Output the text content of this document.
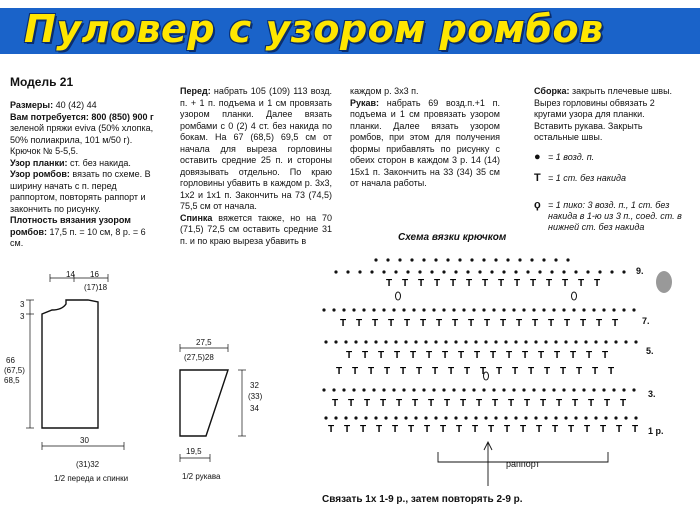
Пуловер с узором ромбов
Модель 21

Размеры: 40 (42) 44

Вам потребуется: 800 (850) 900 г зеленой пряжи eviva (50% хлопка, 50% полиакрила, 101 м/50 г).

Крючок № 5-5,5.

Узор планки: ст. без накида.

Узор ромбов: вязать по схеме. В ширину начать с п. перед раппортом, повторять раппорт и закончить по рисунку.

Плотность вязания узором ромбов: 17,5 п. = 10 см, 8 р. = 6 см.

Перед: набрать 105 (109) 113 возд. п. + 1 п. подъема и 1 см провязать узором планки. Далее вязать ромбами с 0 (2) 4 ст. без накида по бокам. На 67 (68,5) 69,5 см от начала для выреза горловины оставить средние 25 п. и стороны довязывать отдельно. По краю горловины убавить в каждом р. 3х3, 1х2 и 1х1 п. Закончить на 73 (74,5) 75,5 см от начала.

Спинка вяжется также, но на 70 (71,5) 72,5 см оставить средние 31 п. и по краю выреза убавить в

каждом р. 3х3 п.

Рукав: набрать 69 возд.п.+1 п. подъема и 1 см провязать узором планки. Далее вязать узором ромбов, при этом для получения формы прибавлять по рисунку с обеих сторон в каждом 3 р. 14 (14) 15х1 п. Закончить на 33 (34) 35 см от начала работы.

Сборка: закрыть плечевые швы. Вырез горловины обвязать 2 кругами узора для планки. Вставить рукава. Закрыть остальные швы.

● = 1 возд. п.
T = 1 ст. без накида
ϙ = 1 пико: 3 возд. п., 1 ст. без накида в 1-ю из 3 п., соед. ст. в нижней ст. без накида
14 16
(17)18
3
3
66
(67,5)
68,5
30
(31)32
1/2 переда и спинки
27,5
(27,5)28
32
(33)
34
19,5
1/2 рукава
Схема вязки крючком
T T T T T T T T T T T T T T T T T T T T
T T T T T T T T T T T T T T T T T T T
T T T T T T T T T T T T T T T T T T
T T T T T T T T T T T T T T T T T
T T T T T T T T T T T T T T T T T T
T T T T T T T T T T T T T T
раппорт
9.
7.
5.
3.
1 р.
Связать 1х 1-9 р., затем повторять 2-9 р.
